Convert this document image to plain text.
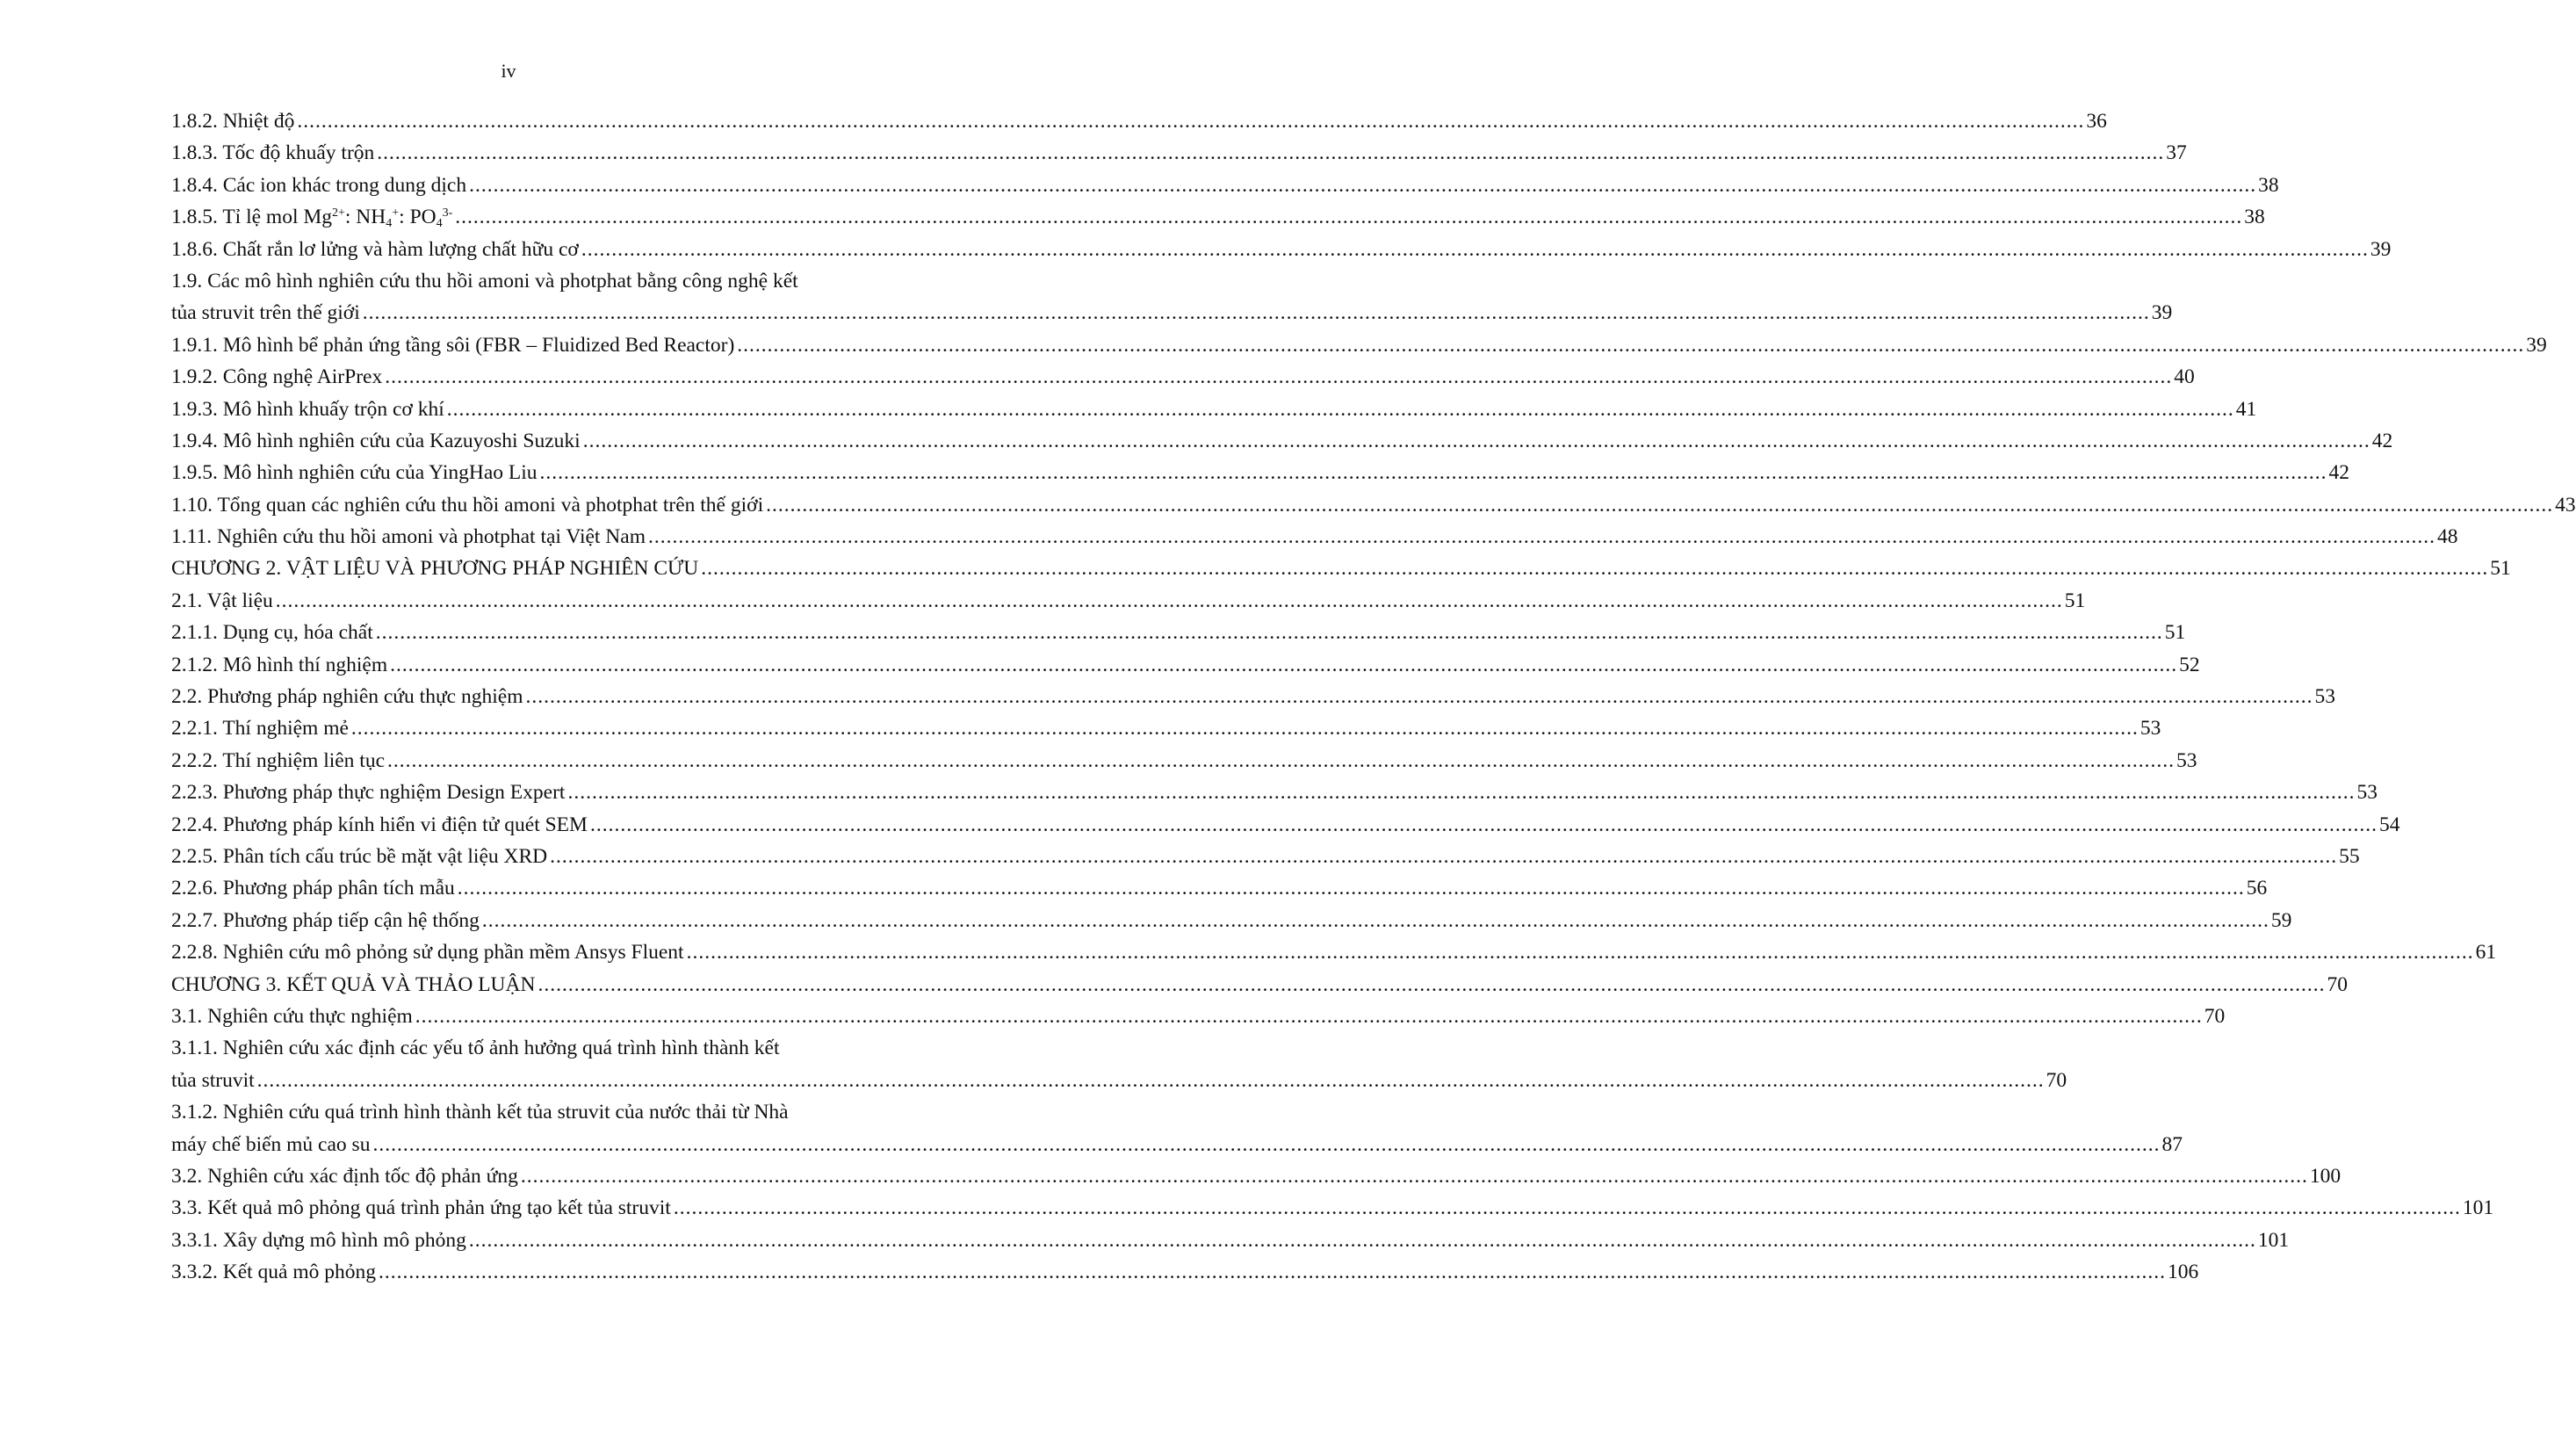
iv
1.8.2. Nhiệt độ .....	36
1.8.3. Tốc độ khuấy trộn .....	37
1.8.4. Các ion khác trong dung dịch .....	38
1.8.5. Tỉ lệ mol $Mg^{2+}$: $NH_4^+$: $PO_4^{3-}$ .....	38
1.8.6. Chất rắn lơ lửng và hàm lượng chất hữu cơ .....	39
1.9. Các mô hình nghiên cứu thu hồi amoni và photphat bằng công nghệ kết
tủa struvit trên thế giới .....	39
1.9.1. Mô hình bể phản ứng tầng sôi (FBR – Fluidized Bed Reactor) .....	39
1.9.2. Công nghệ AirPrex .....	40
1.9.3. Mô hình khuấy trộn cơ khí .....	41
1.9.4. Mô hình nghiên cứu của Kazuyoshi Suzuki .....	42
1.9.5. Mô hình nghiên cứu của YingHao Liu .....	42
1.10. Tổng quan các nghiên cứu thu hồi amoni và photphat trên thế giới .....	43
1.11. Nghiên cứu thu hồi amoni và photphat tại Việt Nam .....	48
CHƯƠNG 2. VẬT LIỆU VÀ PHƯƠNG PHÁP NGHIÊN CỨU .....	51
2.1. Vật liệu .....	51
2.1.1. Dụng cụ, hóa chất .....	51
2.1.2. Mô hình thí nghiệm .....	52
2.2. Phương pháp nghiên cứu thực nghiệm .....	53
2.2.1. Thí nghiệm mẻ .....	53
2.2.2. Thí nghiệm liên tục .....	53
2.2.3. Phương pháp thực nghiệm Design Expert .....	53
2.2.4. Phương pháp kính hiển vi điện tử quét SEM .....	54
2.2.5. Phân tích cấu trúc bề mặt vật liệu XRD .....	55
2.2.6. Phương pháp phân tích mẫu .....	56
2.2.7. Phương pháp tiếp cận hệ thống .....	59
2.2.8. Nghiên cứu mô phỏng sử dụng phần mềm Ansys Fluent .....	61
CHƯƠNG 3. KẾT QUẢ VÀ THẢO LUẬN .....	70
3.1. Nghiên cứu thực nghiệm .....	70
3.1.1. Nghiên cứu xác định các yếu tố ảnh hưởng quá trình hình thành kết
tủa struvit .....	70
3.1.2. Nghiên cứu quá trình hình thành kết tủa struvit của nước thải từ Nhà
máy chế biến mủ cao su .....	87
3.2. Nghiên cứu xác định tốc độ phản ứng .....	100
3.3. Kết quả mô phỏng quá trình phản ứng tạo kết tủa struvit .....	101
3.3.1. Xây dựng mô hình mô phỏng .....	101
3.3.2. Kết quả mô phỏng .....	106
